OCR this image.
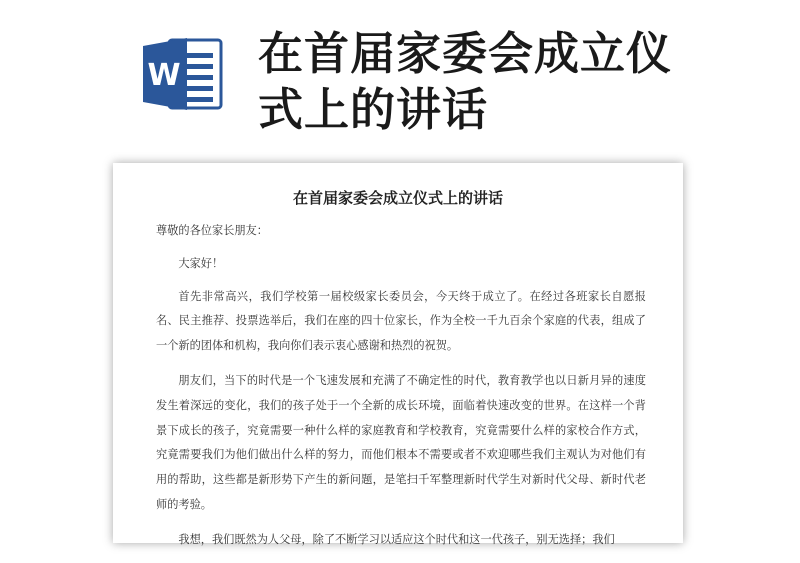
W 在首届家委会成立仪
式上的讲话
在首届家委会成立仪式上的讲话

尊敬的各位家长朋友：

大家好！

首先非常高兴，我们学校第一届校级家长委员会，今天终于成立了。在经过各班家长自愿报名、民主推荐、投票选举后，我们在座的四十位家长，作为全校一千九百余个家庭的代表，组成了一个新的团体和机构，我向你们表示衷心感谢和热烈的祝贺。

朋友们，当下的时代是一个飞速发展和充满了不确定性的时代，教育教学也以日新月异的速度发生着深远的变化，我们的孩子处于一个全新的成长环境，面临着快速改变的世界。在这样一个背景下成长的孩子，究竟需要一种什么样的家庭教育和学校教育，究竟需要什么样的家校合作方式，究竟需要我们为他们做出什么样的努力，而他们根本不需要或者不欢迎哪些我们主观认为对他们有用的帮助，这些都是新形势下产生的新问题，是笔扫千军整理新时代学生对新时代父母、新时代老师的考验。

我想，我们既然为人父母，除了不断学习以适应这个时代和这一代孩子，别无选择；我们
